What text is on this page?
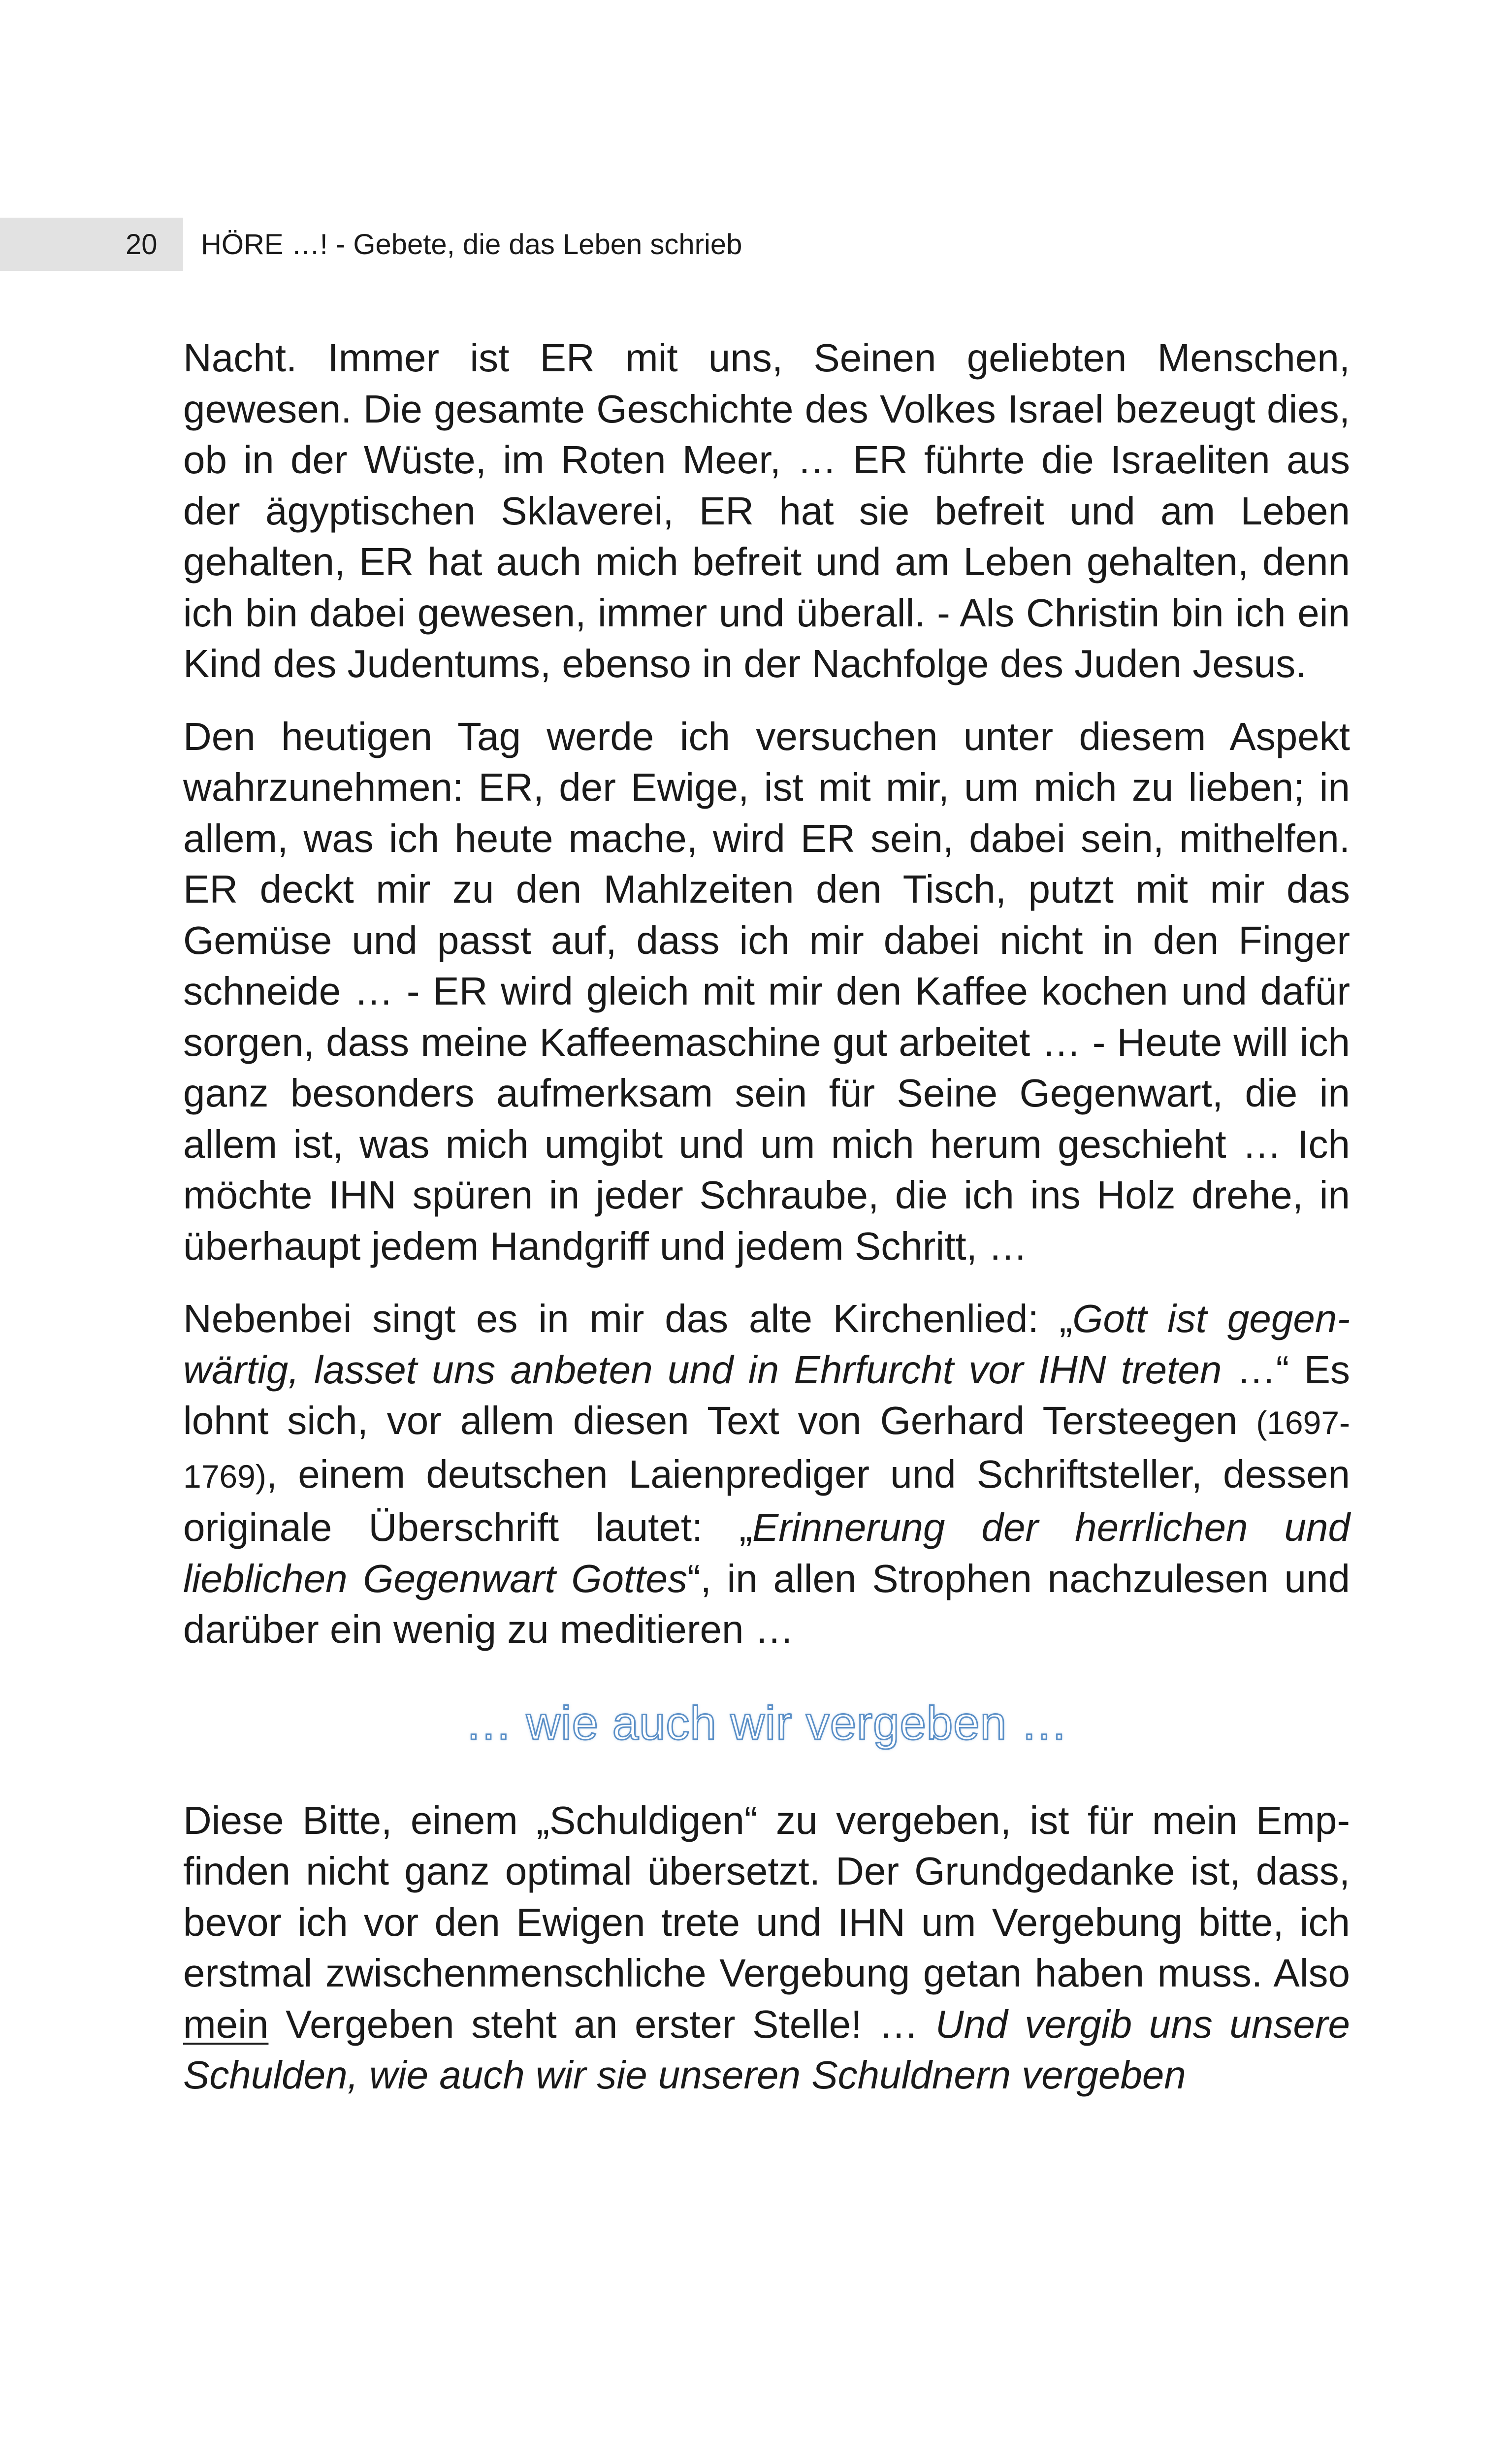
20 HÖRE …! - Gebete, die das Leben schrieb

Nacht. Immer ist ER mit uns, Seinen geliebten Menschen, gewesen. Die gesamte Geschichte des Volkes Israel bezeugt dies, ob in der Wüste, im Roten Meer, … ER führte die Israeliten aus der ägyptischen Sklaverei, ER hat sie befreit und am Leben gehalten, ER hat auch mich befreit und am Leben gehalten, denn ich bin dabei gewesen, immer und überall. - Als Christin bin ich ein Kind des Judentums, ebenso in der Nachfolge des Juden Jesus.

Den heutigen Tag werde ich versuchen unter diesem Aspekt wahrzunehmen: ER, der Ewige, ist mit mir, um mich zu lieben; in allem, was ich heute mache, wird ER sein, dabei sein, mithelfen. ER deckt mir zu den Mahlzeiten den Tisch, putzt mit mir das Gemüse und passt auf, dass ich mir dabei nicht in den Finger schneide … - ER wird gleich mit mir den Kaffee kochen und dafür sorgen, dass meine Kaffeemaschine gut arbeitet … - Heute will ich ganz besonders aufmerksam sein für Seine Gegenwart, die in allem ist, was mich umgibt und um mich herum geschieht … Ich möchte IHN spüren in jeder Schraube, die ich ins Holz drehe, in überhaupt jedem Handgriff und jedem Schritt, …

Nebenbei singt es in mir das alte Kirchenlied: „Gott ist gegenwärtig, lasset uns anbeten und in Ehrfurcht vor IHN treten …“ Es lohnt sich, vor allem diesen Text von Gerhard Tersteegen (1697-1769), einem deutschen Laienprediger und Schriftsteller, dessen originale Überschrift lautet: „Erinnerung der herrlichen und lieblichen Gegenwart Gottes“, in allen Strophen nachzulesen und darüber ein wenig zu meditieren …

… wie auch wir vergeben …

Diese Bitte, einem „Schuldigen“ zu vergeben, ist für mein Empfinden nicht ganz optimal übersetzt. Der Grundgedanke ist, dass, bevor ich vor den Ewigen trete und IHN um Vergebung bitte, ich erstmal zwischenmenschliche Vergebung getan haben muss. Also mein Vergeben steht an erster Stelle! … Und vergib uns unsere Schulden, wie auch wir sie unseren Schuldnern vergeben
